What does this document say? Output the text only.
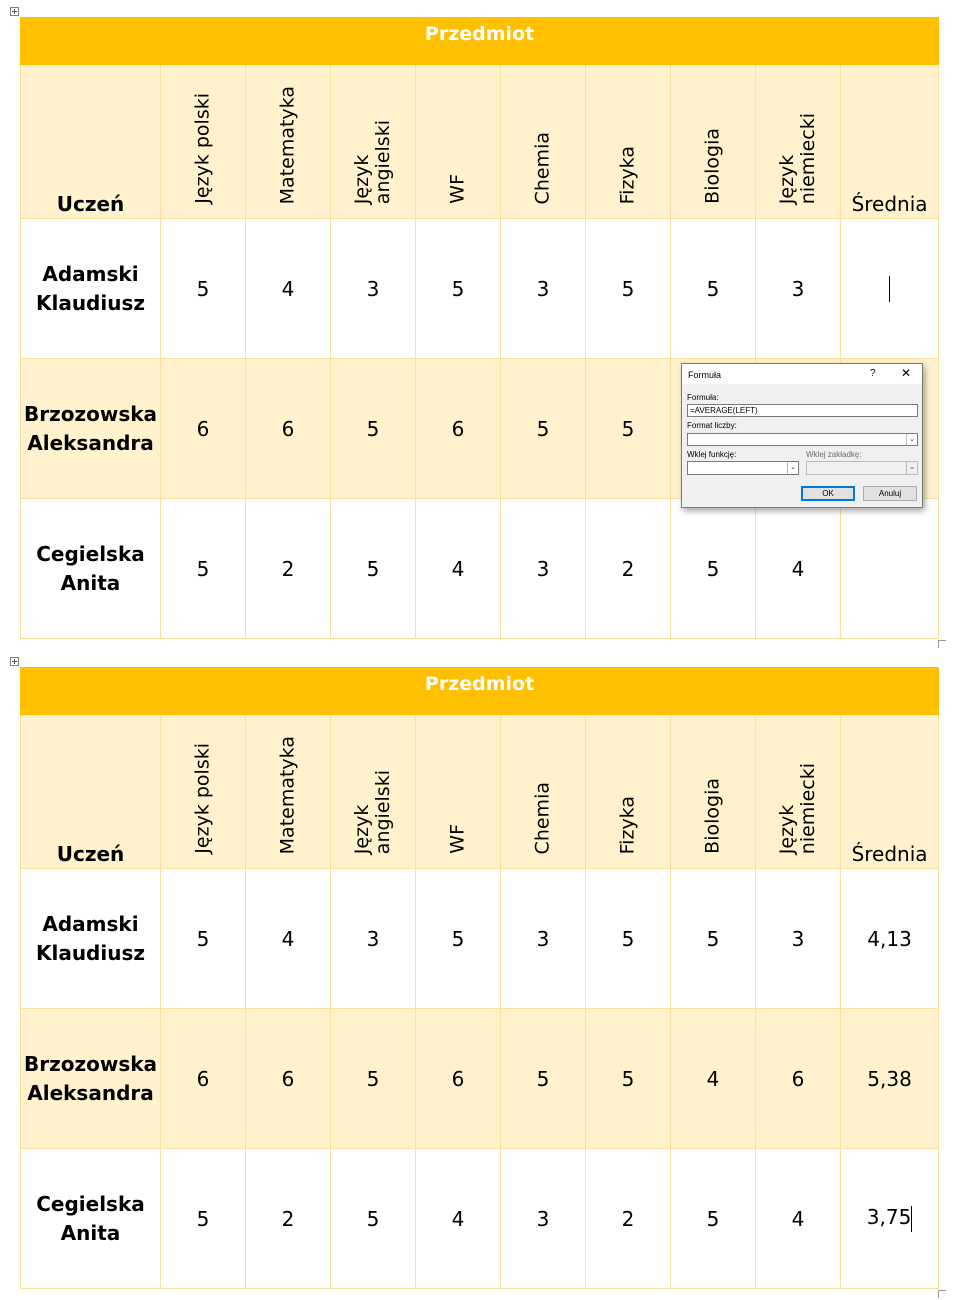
Przedmiot									
Uczeń	Język polski	Matematyka	Język
angielski	WF	Chemia	Fizyka	Biologia	Język
niemiecki	Średnia
Adamski
Klaudiusz	5	4	3	5	3	5	5	3	
Brzozowska
Aleksandra	6	6	5	6	5	5			
Cegielska
Anita	5	2	5	4	3	2	5	4	
Przedmiot									
Uczeń	Język polski	Matematyka	Język
angielski	WF	Chemia	Fizyka	Biologia	Język
niemiecki	Średnia
Adamski
Klaudiusz	5	4	3	5	3	5	5	3	4,13
Brzozowska
Aleksandra	6	6	5	6	5	5	4	6	5,38
Cegielska
Anita	5	2	5	4	3	2	5	4	3,75
Formuła	? ✕
Formuła:
=AVERAGE(LEFT)
Format liczby:
⌄
Wklej funkcję:
⌄
Wklej zakładkę:
⌄
OK	Anuluj
